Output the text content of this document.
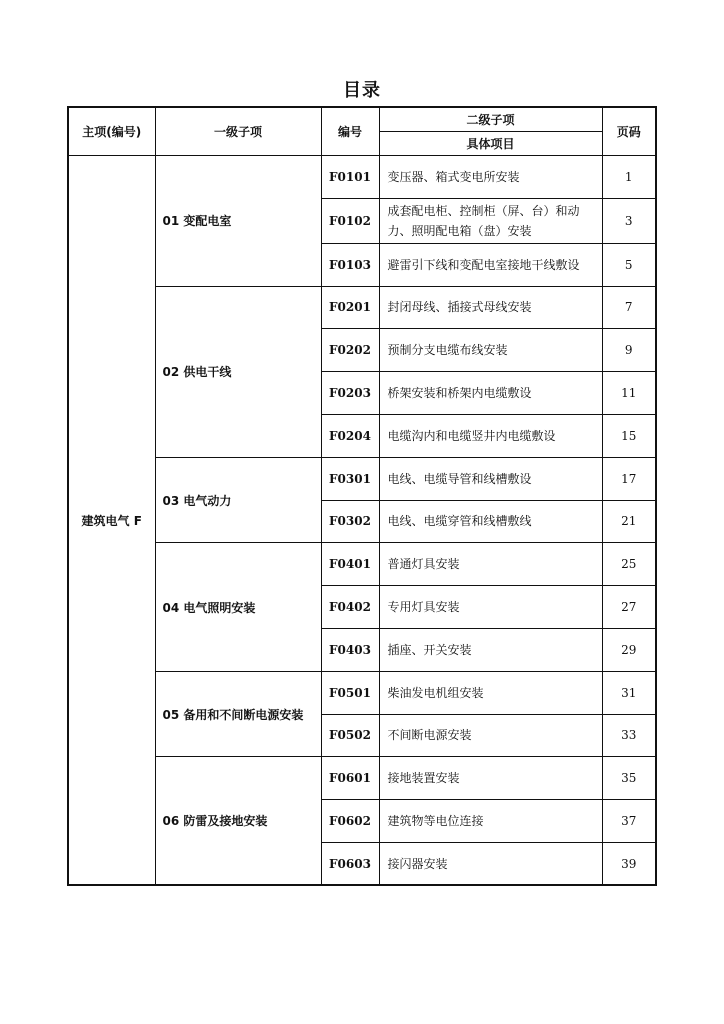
目录
主项(编号)	一级子项	编号	二级子项	页码
			具体项目	
建筑电气 F	01 变配电室	F0101	变压器、箱式变电所安装	1
		F0102	成套配电柜、控制柜（屏、台）和动力、照明配电箱（盘）安装	3
		F0103	避雷引下线和变配电室接地干线敷设	5
	02 供电干线	F0201	封闭母线、插接式母线安装	7
		F0202	预制分支电缆布线安装	9
		F0203	桥架安装和桥架内电缆敷设	11
		F0204	电缆沟内和电缆竖井内电缆敷设	15
	03 电气动力	F0301	电线、电缆导管和线槽敷设	17
		F0302	电线、电缆穿管和线槽敷线	21
	04 电气照明安装	F0401	普通灯具安装	25
		F0402	专用灯具安装	27
		F0403	插座、开关安装	29
	05 备用和不间断电源安装	F0501	柴油发电机组安装	31
		F0502	不间断电源安装	33
	06 防雷及接地安装	F0601	接地装置安装	35
		F0602	建筑物等电位连接	37
		F0603	接闪器安装	39
